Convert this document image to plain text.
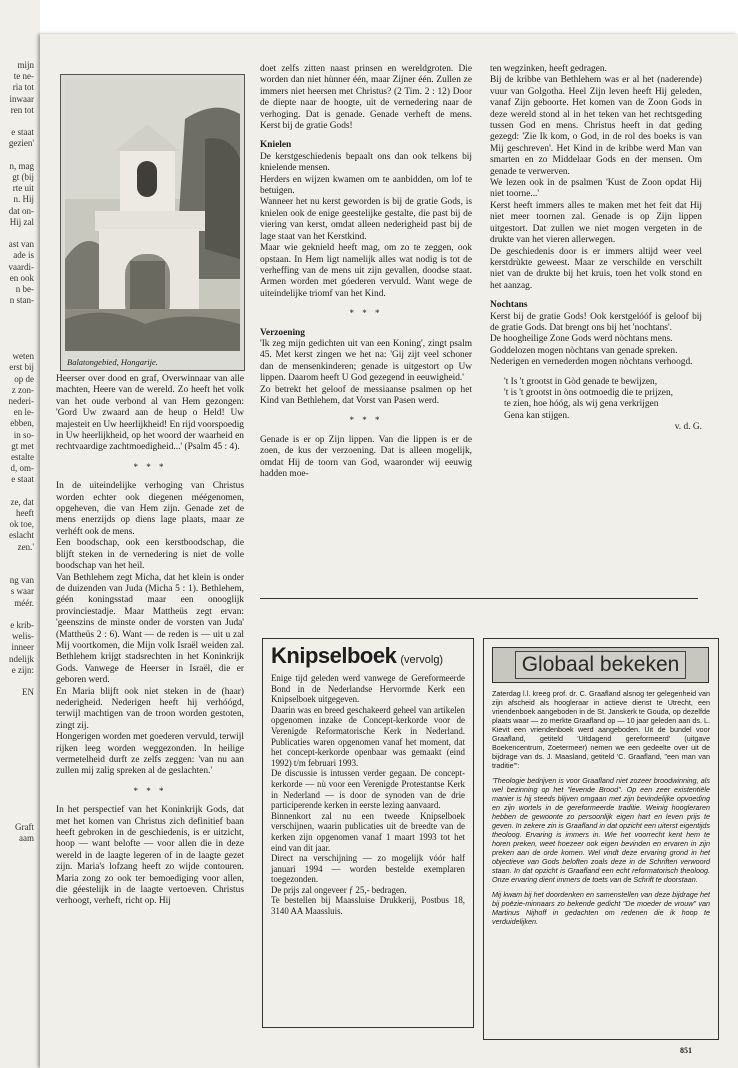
mijn
te ne-
ria tot
inwaar
ren tot
e staat
gezien'
n, mag
gt (bij
rte uit
n. Hij
dat on-
Hij zal
ast van
ade is
vaardi-
en ook
n be-
n stan-
weten
erst bij
op de
z zon-
nederi-
en le-
ebben,
in so-
gt met
estalte
d, om-
e staat
ze, dat
heeft
ok toe,
eslacht
zen.'
ng van
s waar
méér.
e krib-
welis-
inneer
ndelijk
e zijn:
EN
Graft
aam
Balatongebied, Hongarije.

Heerser over dood en graf, Overwinnaar van alle machten, Heere van de wereld. Zo heeft het volk van het oude verbond al van Hem gezongen: 'Gord Uw zwaard aan de heup o Held! Uw majesteit en Uw heerlijkheid! En rijd voorspoedig in Uw heerlijkheid, op het woord der waarheid en rechtvaardige zachtmoedigheid...' (Psalm 45 : 4).

* * *

In de uiteindelijke verhoging van Christus worden echter ook diegenen méégenomen, opgeheven, die van Hem zijn. Genade zet de mens enerzijds op diens lage plaats, maar ze verhéft ook de mens.

Een boodschap, ook een kerstboodschap, die blijft steken in de vernedering is niet de volle boodschap van het heil.

Van Bethlehem zegt Micha, dat het klein is onder de duizenden van Juda (Micha 5 : 1). Bethlehem, géén koningsstad maar een onooglijk provinciestadje. Maar Mattheüs zegt ervan: 'geenszins de minste onder de vorsten van Juda' (Mattheüs 2 : 6). Want — de reden is — uit u zal Mij voortkomen, die Mijn volk Israël weiden zal. Bethlehem krijgt stadsrechten in het Koninkrijk Gods. Vanwege de Heerser in Israël, die er geboren werd.

En Maria blijft ook niet steken in de (haar) nederigheid. Nederigen heeft hij verhóógd, terwijl machtigen van de troon worden gestoten, zingt zij.

Hongerigen worden met goederen vervuld, terwijl rijken leeg worden weggezonden. In heilige vermetelheid durft ze zelfs zeggen: 'van nu aan zullen mij zalig spreken al de geslachten.'

* * *

In het perspectief van het Koninkrijk Gods, dat met het komen van Christus zich definitief baan heeft gebroken in de geschiedenis, is er uitzicht, hoop — want belofte — voor allen die in deze wereld in de laagte legeren of in de laagte gezet zijn. Maria's lofzang heeft zo wijde contouren. Maria zong zo ook ter bemoediging voor allen, die géestelijk in de laagte vertoeven. Christus verhoogt, verheft, richt op. Hij

doet zelfs zitten naast prinsen en wereldgroten. Die worden dan niet hùnner één, maar Zijner één. Zullen ze immers niet heersen met Christus? (2 Tim. 2 : 12) Door de diepte naar de hoogte, uit de vernedering naar de verhoging. Dat is genade. Genade verheft de mens. Kerst bij de gratie Gods!

Knielen

De kerstgeschiedenis bepaalt ons dan ook telkens bij knielende mensen.

Herders en wijzen kwamen om te aanbidden, om lof te betuigen.

Wanneer het nu kerst geworden is bij de gratie Gods, is knielen ook de enige geestelijke gestalte, die past bij de viering van kerst, omdat alleen nederigheid past bij de lage staat van het Kerstkind.

Maar wie geknield heeft mag, om zo te zeggen, ook opstaan. In Hem ligt namelijk alles wat nodig is tot de verheffing van de mens uit zijn gevallen, doodse staat. Armen worden met góederen vervuld. Want wege de uiteindelijke triomf van het Kind.

* * *

Verzoening

'Ik zeg mijn gedichten uit van een Koning', zingt psalm 45. Met kerst zingen we het na: 'Gij zijt veel schoner dan de mensenkinderen; genade is uitgestort op Uw lippen. Daarom heeft U God gezegend in eeuwigheid.'

Zo betrekt het geloof de messiaanse psalmen op het Kind van Bethlehem, dat Vorst van Pasen werd.

* * *

Genade is er op Zijn lippen. Van die lippen is er de zoen, de kus der verzoening. Dat is alleen mogelijk, omdat Hij de toorn van God, waaronder wij eeuwig hadden moe-

ten wegzinken, heeft gedragen.

Bij de kribbe van Bethlehem was er al het (naderende) vuur van Golgotha. Heel Zijn leven heeft Hij geleden, vanaf Zijn geboorte. Het komen van de Zoon Gods in deze wereld stond al in het teken van het rechtsgeding tussen God en mens. Christus heeft in dat geding gezegd: 'Zie Ik kom, o God, in de rol des boeks is van Mij geschreven'. Het Kind in de kribbe werd Man van smarten en zo Middelaar Gods en der mensen. Om genade te verwerven.

We lezen ook in de psalmen 'Kust de Zoon opdat Hij niet toorne...'

Kerst heeft immers alles te maken met het feit dat Hij niet meer toornen zal. Genade is op Zijn lippen uitgestort. Dat zullen we niet mogen vergeten in de drukte van het vieren allerwegen.

De geschiedenis door is er immers altijd weer veel kerstdrùkte geweest. Maar ze verschilde en verschilt niet van de drukte bij het kruis, toen het volk stond en het aanzag.

Nochtans

Kerst bij de gratie Gods! Ook kerstgelóóf is geloof bij de gratie Gods. Dat brengt ons bij het 'nochtans'.

De hoogheilige Zone Gods werd nòchtans mens.

Goddelozen mogen nòchtans van genade spreken.

Nederigen en vernederden mogen nòchtans verhoogd.

't Is 't grootst in Gòd genade te bewijzen,

't is 't grootst in òns ootmoedig die te prijzen,

te zien, hoe hóóg, als wij gena verkrijgen

Gena kan stijgen.

v. d. G.

Knipselboek (vervolg)

Enige tijd geleden werd vanwege de Gereformeerde Bond in de Nederlandse Hervormde Kerk een Knipselboek uitgegeven.

Daarin was en breed geschakeerd geheel van artikelen opgenomen inzake de Concept-kerkorde voor de Verenigde Reformatorische Kerk in Nederland. Publicaties waren opgenomen vanaf het moment, dat het concept-kerkorde openbaar was gemaakt (eind 1992) t/m februari 1993.

De discussie is intussen verder gegaan. De concept-kerkorde — nù voor een Verenigde Protestantse Kerk in Nederland — is door de synoden van de drie participerende kerken in eerste lezing aanvaard.

Binnenkort zal nu een tweede Knipselboek verschijnen, waarin publicaties uit de breedte van de kerken zijn opgenomen vanaf 1 maart 1993 tot het eind van dit jaar.

Direct na verschijning — zo mogelijk vóór half januari 1994 — worden bestelde exemplaren toegezonden.

De prijs zal ongeveer ƒ 25,- bedragen.

Te bestellen bij Maassluise Drukkerij, Postbus 18, 3140 AA Maassluis.

Globaal bekeken

Zaterdag l.l. kreeg prof. dr. C. Graafland alsnog ter gelegenheid van zijn afscheid als hoogleraar in actieve dienst te Utrecht, een vriendenboek aangeboden in de St. Janskerk te Gouda, op dezelfde plaats waar — zo merkte Graafland op — 10 jaar geleden aan ds. L. Kievit een vriendenboek werd aangeboden. Uit de bundel voor Graafland, getiteld 'Uitdagend gereformeerd' (uitgave Boekencentrum, Zoetermeer) nemen we een gedeelte over uit de bijdrage van ds. J. Maasland, getiteld 'C. Graafland, "een man van traditie"':

'Theologie bedrijven is voor Graafland niet zozeer broodwinning, als wel bezinning op het "levende Brood". Op een zeer existentiële manier is hij steeds blijven omgaan met zijn bevindelijke opvoeding en zijn wortels in de gereformeerde traditie. Weinig hoogleraren hebben de gewoonte zo persoonlijk eigen hart en leven prijs te geven. In zekere zin is Graafland in dat opzicht een uiterst eigentijds theoloog. Ervaring is immers in. Wie het voorrecht kent hem te horen preken, weet hoezeer ook eigen bevinden en ervaren in zijn preken aan de orde komen. Wel vindt deze ervaring grond in het objectieve van Gods beloften zoals deze in de Schriften verwoord staan. In dat opzicht is Graafland een echt reformatorisch theoloog. Onze ervaring dient immers de toets van de Schrift te doorstaan.

Mij kwam bij het doordenken en samenstellen van deze bijdrage het bij poëzie-minnaars zo bekende gedicht "De moeder de vrouw" van Martinus Nijhoff in gedachten om redenen die ik hoop te verduidelijken.

851
